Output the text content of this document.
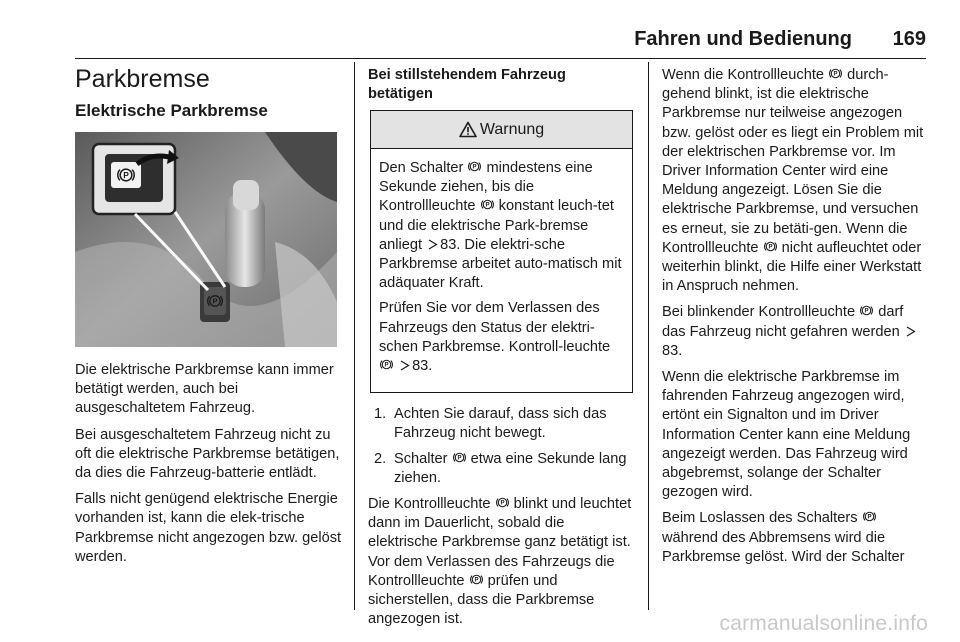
Fahren und Bedienung 169
Parkbremse
Elektrische Parkbremse

Die elektrische Parkbremse kann immer betätigt werden, auch bei ausgeschaltetem Fahrzeug.

Bei ausgeschaltetem Fahrzeug nicht zu oft die elektrische Parkbremse betätigen, da dies die Fahrzeug-batterie entlädt.

Falls nicht genügend elektrische Energie vorhanden ist, kann die elek-trische Parkbremse nicht angezogen bzw. gelöst werden.

Bei stillstehendem Fahrzeug betätigen
Warnung

Den Schalter mindestens eine Sekunde ziehen, bis die Kontrollleuchte konstant leuch-tet und die elektrische Park-bremse anliegt 83. Die elektri-sche Parkbremse arbeitet auto-matisch mit adäquater Kraft.

Prüfen Sie vor dem Verlassen des Fahrzeugs den Status der elektri-schen Parkbremse. Kontroll-leuchte  83.

1. Achten Sie darauf, dass sich das Fahrzeug nicht bewegt.
2. Schalter etwa eine Sekunde lang ziehen.

Die Kontrollleuchte blinkt und leuchtet dann im Dauerlicht, sobald die elektrische Parkbremse ganz betätigt ist. Vor dem Verlassen des Fahrzeugs die Kontrollleuchte prüfen und sicherstellen, dass die Parkbremse angezogen ist.

Wenn die Kontrollleuchte durch-gehend blinkt, ist die elektrische Parkbremse nur teilweise angezogen bzw. gelöst oder es liegt ein Problem mit der elektrischen Parkbremse vor. Im Driver Information Center wird eine Meldung angezeigt. Lösen Sie die elektrische Parkbremse, und versuchen es erneut, sie zu betäti-gen. Wenn die Kontrollleuchte nicht aufleuchtet oder weiterhin blinkt, die Hilfe einer Werkstatt in Anspruch nehmen.

Bei blinkender Kontrollleuchte darf das Fahrzeug nicht gefahren werden 83.

Wenn die elektrische Parkbremse im fahrenden Fahrzeug angezogen wird, ertönt ein Signalton und im Driver Information Center kann eine Meldung angezeigt werden. Das Fahrzeug wird abgebremst, solange der Schalter gezogen wird.

Beim Loslassen des Schalters  während des Abbremsens wird die Parkbremse gelöst. Wird der Schalter

carmanualsonline.info
